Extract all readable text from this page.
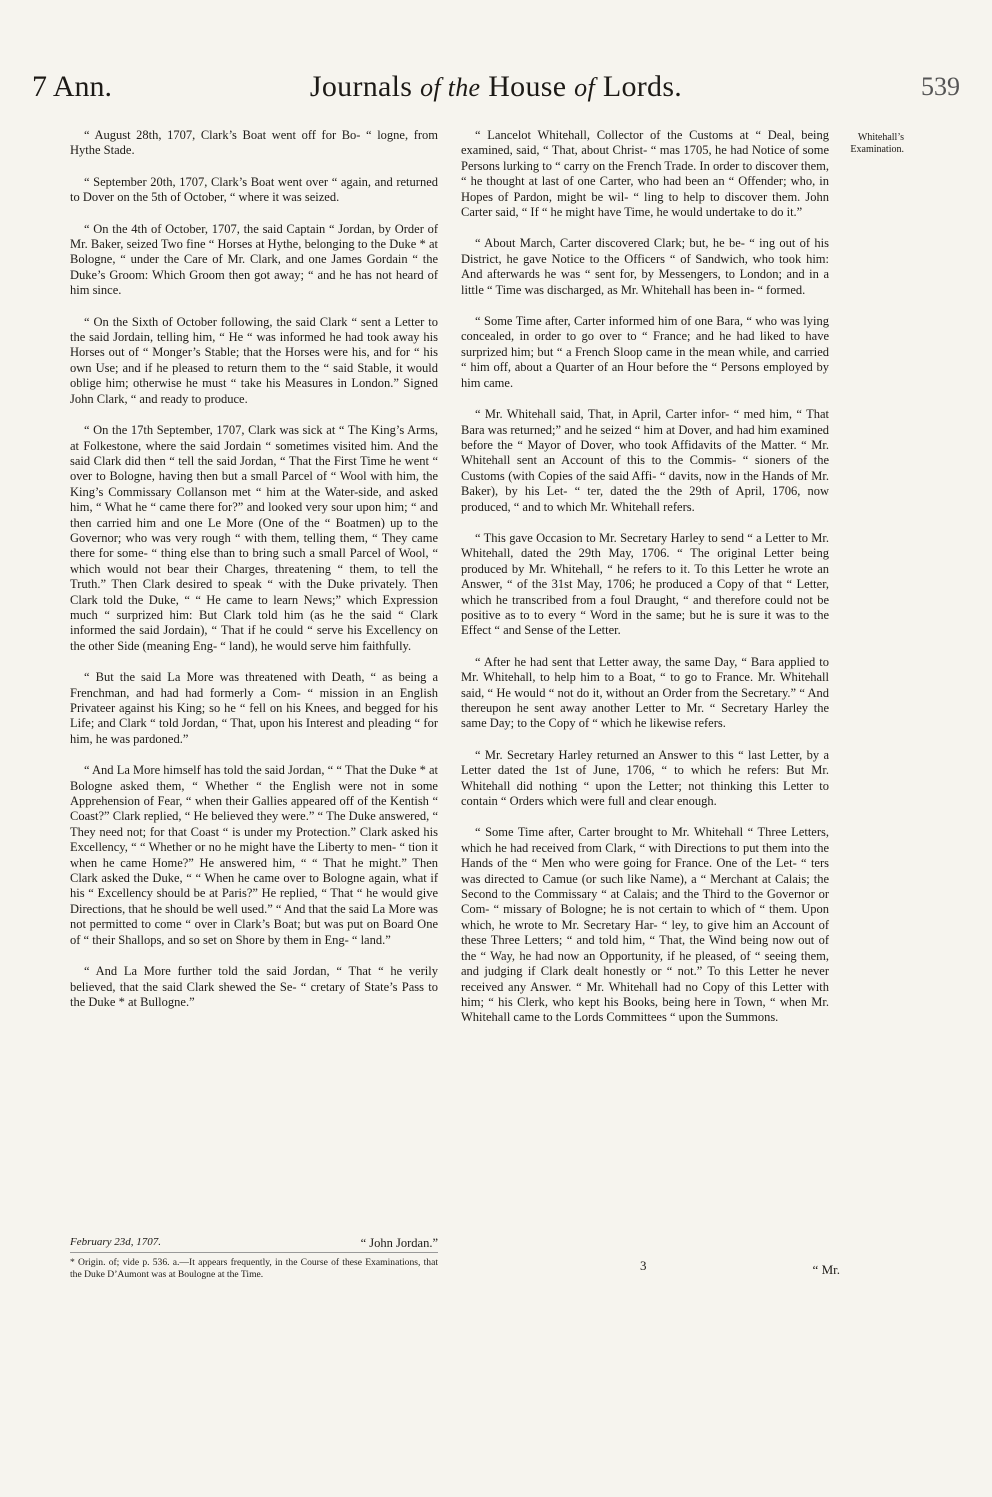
7 Ann.	Journals of the House of Lords.	539

“ August 28th, 1707, Clark’s Boat went off for Bo- “ logne, from Hythe Stade.

“ September 20th, 1707, Clark’s Boat went over “ again, and returned to Dover on the 5th of October, “ where it was seized.

“ On the 4th of October, 1707, the said Captain “ Jordan, by Order of Mr. Baker, seized Two fine “ Horses at Hythe, belonging to the Duke * at Bologne, “ under the Care of Mr. Clark, and one James Gordain “ the Duke’s Groom: Which Groom then got away; “ and he has not heard of him since.

“ On the Sixth of October following, the said Clark “ sent a Letter to the said Jordain, telling him, “ He “ was informed he had took away his Horses out of “ Monger’s Stable; that the Horses were his, and for “ his own Use; and if he pleased to return them to the “ said Stable, it would oblige him; otherwise he must “ take his Measures in London.” Signed John Clark, “ and ready to produce.

“ On the 17th September, 1707, Clark was sick at “ The King’s Arms, at Folkestone, where the said Jordain “ sometimes visited him. And the said Clark did then “ tell the said Jordan, “ That the First Time he went “ over to Bologne, having then but a small Parcel of “ Wool with him, the King’s Commissary Collanson met “ him at the Water-side, and asked him, “ What he “ came there for?” and looked very sour upon him; “ and then carried him and one Le More (One of the “ Boatmen) up to the Governor; who was very rough “ with them, telling them, “ They came there for some- “ thing else than to bring such a small Parcel of Wool, “ which would not bear their Charges, threatening “ them, to tell the Truth.” Then Clark desired to speak “ with the Duke privately. Then Clark told the Duke, “ “ He came to learn News;” which Expression much “ surprized him: But Clark told him (as he the said “ Clark informed the said Jordain), “ That if he could “ serve his Excellency on the other Side (meaning Eng- “ land), he would serve him faithfully.

“ But the said La More was threatened with Death, “ as being a Frenchman, and had had formerly a Com- “ mission in an English Privateer against his King; so he “ fell on his Knees, and begged for his Life; and Clark “ told Jordan, “ That, upon his Interest and pleading “ for him, he was pardoned.”

“ And La More himself has told the said Jordan, “ “ That the Duke * at Bologne asked them, “ Whether “ the English were not in some Apprehension of Fear, “ when their Gallies appeared off of the Kentish “ Coast?” Clark replied, “ He believed they were.” “ The Duke answered, “ They need not; for that Coast “ is under my Protection.” Clark asked his Excellency, “ “ Whether or no he might have the Liberty to men- “ tion it when he came Home?” He answered him, “ “ That he might.” Then Clark asked the Duke, “ “ When he came over to Bologne again, what if his “ Excellency should be at Paris?” He replied, “ That “ he would give Directions, that he should be well used.” “ And that the said La More was not permitted to come “ over in Clark’s Boat; but was put on Board One of “ their Shallops, and so set on Shore by them in Eng- “ land.”

“ And La More further told the said Jordan, “ That “ he verily believed, that the said Clark shewed the Se- “ cretary of State’s Pass to the Duke * at Bullogne.”

February 23d, 1707.	“ John Jordan.”
* Origin. of; vide p. 536. a.—It appears frequently, in the Course of these Examinations, that the Duke D’Aumont was at Boulogne at the Time.
Whitehall’s Examination.

“ Lancelot Whitehall, Collector of the Customs at “ Deal, being examined, said, “ That, about Christ- “ mas 1705, he had Notice of some Persons lurking to “ carry on the French Trade. In order to discover them, “ he thought at last of one Carter, who had been an “ Offender; who, in Hopes of Pardon, might be wil- “ ling to help to discover them. John Carter said, “ If “ he might have Time, he would undertake to do it.”

“ About March, Carter discovered Clark; but, he be- “ ing out of his District, he gave Notice to the Officers “ of Sandwich, who took him: And afterwards he was “ sent for, by Messengers, to London; and in a little “ Time was discharged, as Mr. Whitehall has been in- “ formed.

“ Some Time after, Carter informed him of one Bara, “ who was lying concealed, in order to go over to “ France; and he had liked to have surprized him; but “ a French Sloop came in the mean while, and carried “ him off, about a Quarter of an Hour before the “ Persons employed by him came.

“ Mr. Whitehall said, That, in April, Carter infor- “ med him, “ That Bara was returned;” and he seized “ him at Dover, and had him examined before the “ Mayor of Dover, who took Affidavits of the Matter. “ Mr. Whitehall sent an Account of this to the Commis- “ sioners of the Customs (with Copies of the said Affi- “ davits, now in the Hands of Mr. Baker), by his Let- “ ter, dated the the 29th of April, 1706, now produced, “ and to which Mr. Whitehall refers.

“ This gave Occasion to Mr. Secretary Harley to send “ a Letter to Mr. Whitehall, dated the 29th May, 1706. “ The original Letter being produced by Mr. Whitehall, “ he refers to it. To this Letter he wrote an Answer, “ of the 31st May, 1706; he produced a Copy of that “ Letter, which he transcribed from a foul Draught, “ and therefore could not be positive as to to every “ Word in the same; but he is sure it was to the Effect “ and Sense of the Letter.

“ After he had sent that Letter away, the same Day, “ Bara applied to Mr. Whitehall, to help him to a Boat, “ to go to France. Mr. Whitehall said, “ He would “ not do it, without an Order from the Secretary.” “ And thereupon he sent away another Letter to Mr. “ Secretary Harley the same Day; to the Copy of “ which he likewise refers.

“ Mr. Secretary Harley returned an Answer to this “ last Letter, by a Letter dated the 1st of June, 1706, “ to which he refers: But Mr. Whitehall did nothing “ upon the Letter; not thinking this Letter to contain “ Orders which were full and clear enough.

“ Some Time after, Carter brought to Mr. Whitehall “ Three Letters, which he had received from Clark, “ with Directions to put them into the Hands of the “ Men who were going for France. One of the Let- “ ters was directed to Camue (or such like Name), a “ Merchant at Calais; the Second to the Commissary “ at Calais; and the Third to the Governor or Com- “ missary of Bologne; he is not certain to which of “ them. Upon which, he wrote to Mr. Secretary Har- “ ley, to give him an Account of these Three Letters; “ and told him, “ That, the Wind being now out of the “ Way, he had now an Opportunity, if he pleased, of “ seeing them, and judging if Clark dealt honestly or “ not.” To this Letter he never received any Answer. “ Mr. Whitehall had no Copy of this Letter with him; “ his Clerk, who kept his Books, being here in Town, “ when Mr. Whitehall came to the Lords Committees “ upon the Summons.

3	“ Mr.
